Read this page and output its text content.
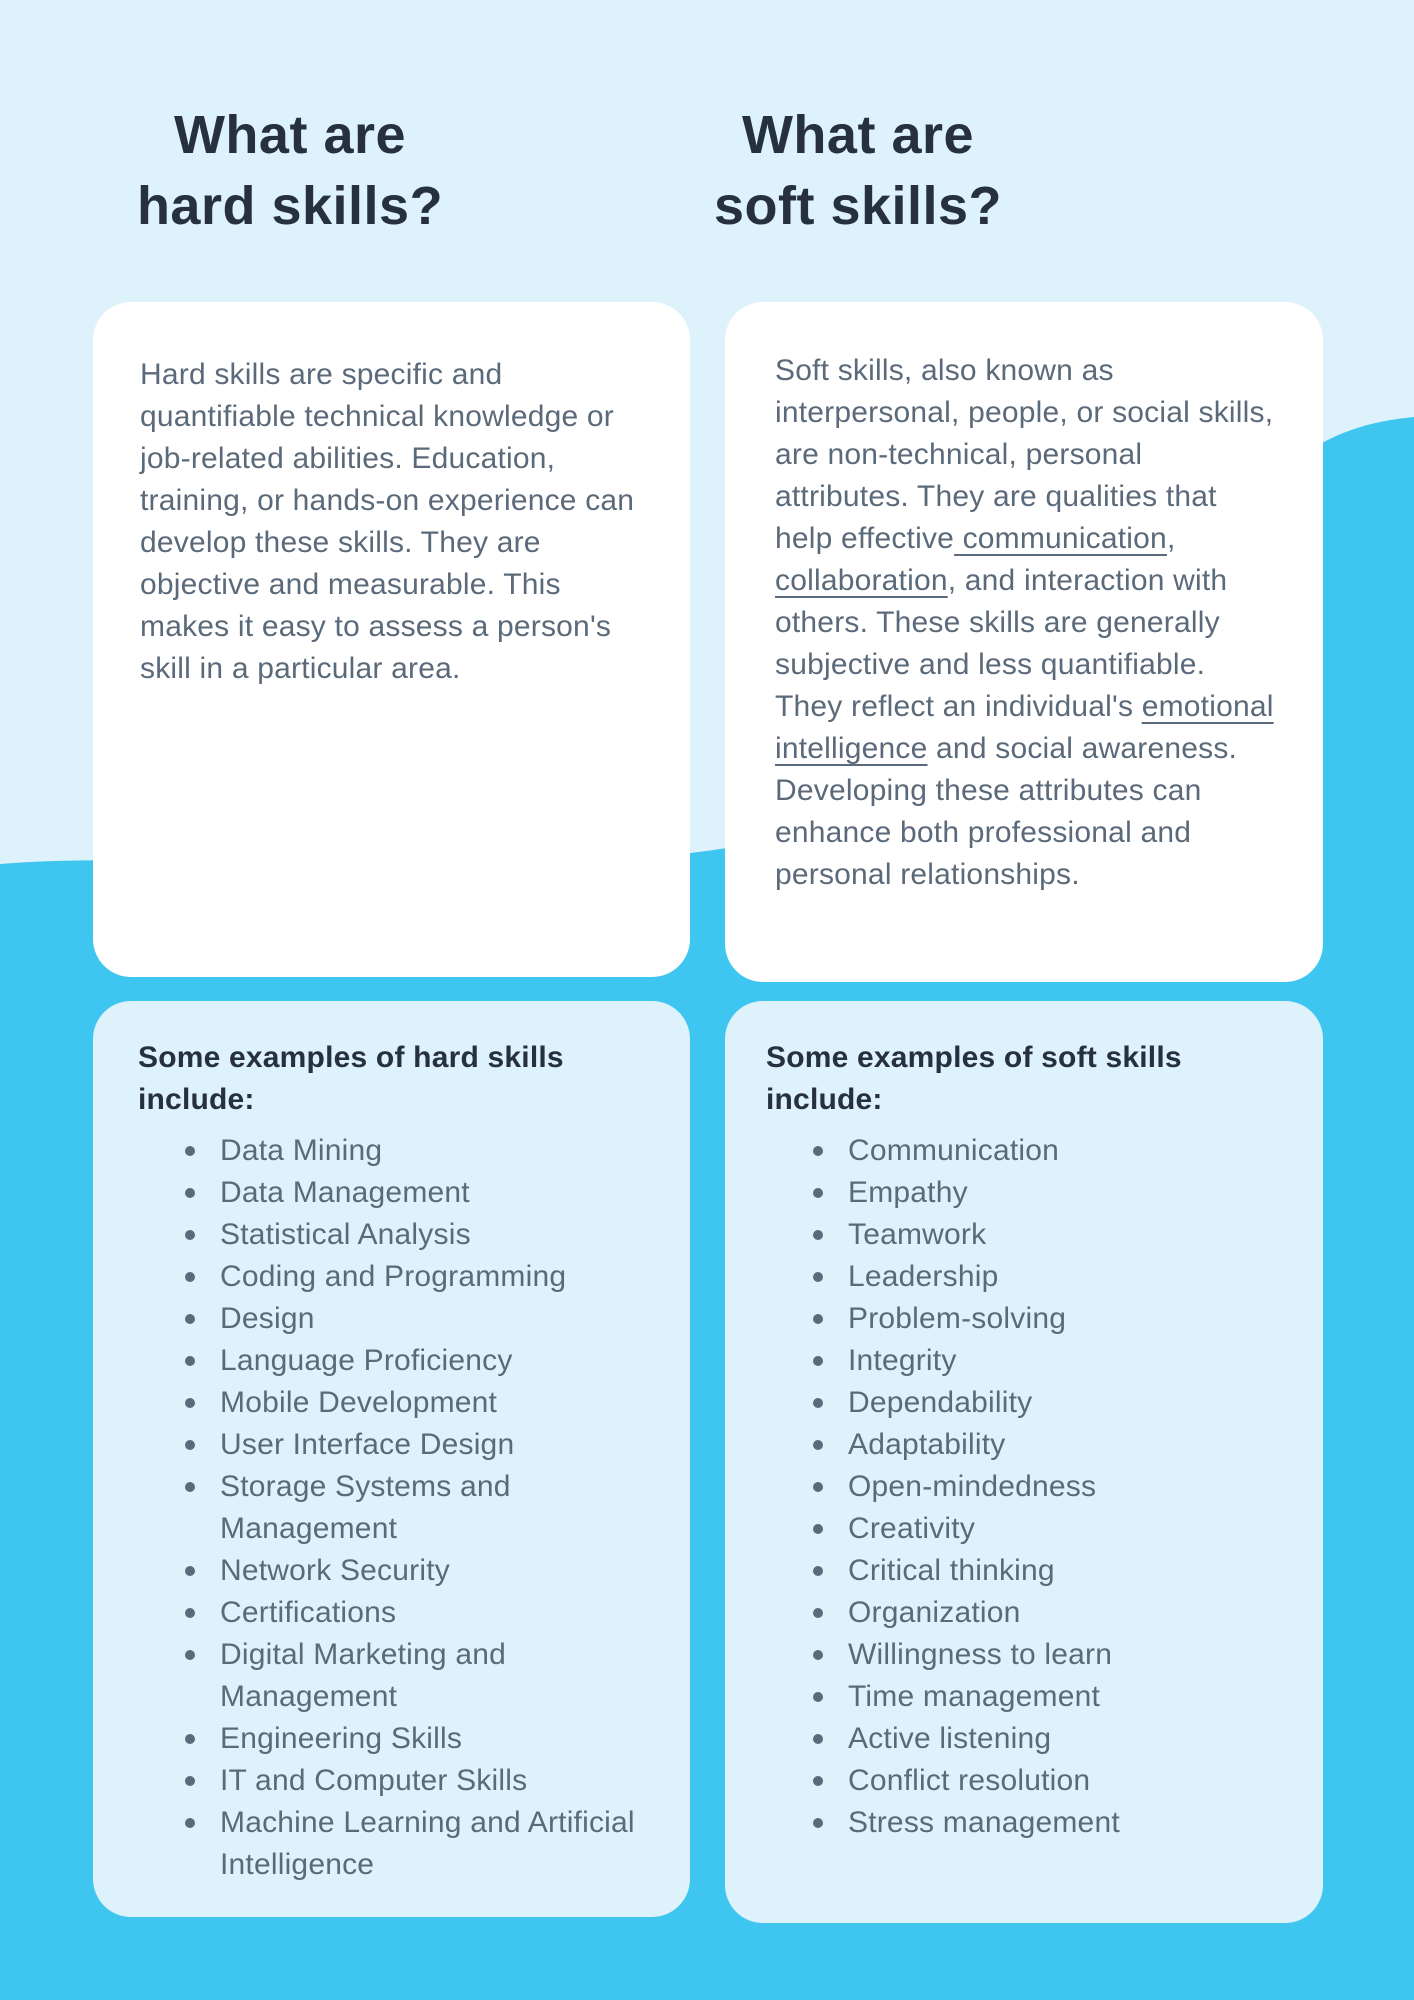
What are
hard skills?
What are
soft skills?

Hard skills are specific and quantifiable technical knowledge or job-related abilities. Education, training, or hands-on experience can develop these skills. They are objective and measurable. This makes it easy to assess a person's skill in a particular area.

Soft skills, also known as interpersonal, people, or social skills, are non-technical, personal attributes. They are qualities that help effective communication, collaboration, and interaction with others. These skills are generally subjective and less quantifiable. They reflect an individual's emotional intelligence and social awareness. Developing these attributes can enhance both professional and personal relationships.

Some examples of hard skills include:
Data Mining
Data Management
Statistical Analysis
Coding and Programming
Design
Language Proficiency
Mobile Development
User Interface Design
Storage Systems and Management
Network Security
Certifications
Digital Marketing and Management
Engineering Skills
IT and Computer Skills
Machine Learning and Artificial Intelligence
Some examples of soft skills include:
Communication
Empathy
Teamwork
Leadership
Problem-solving
Integrity
Dependability
Adaptability
Open-mindedness
Creativity
Critical thinking
Organization
Willingness to learn
Time management
Active listening
Conflict resolution
Stress management
